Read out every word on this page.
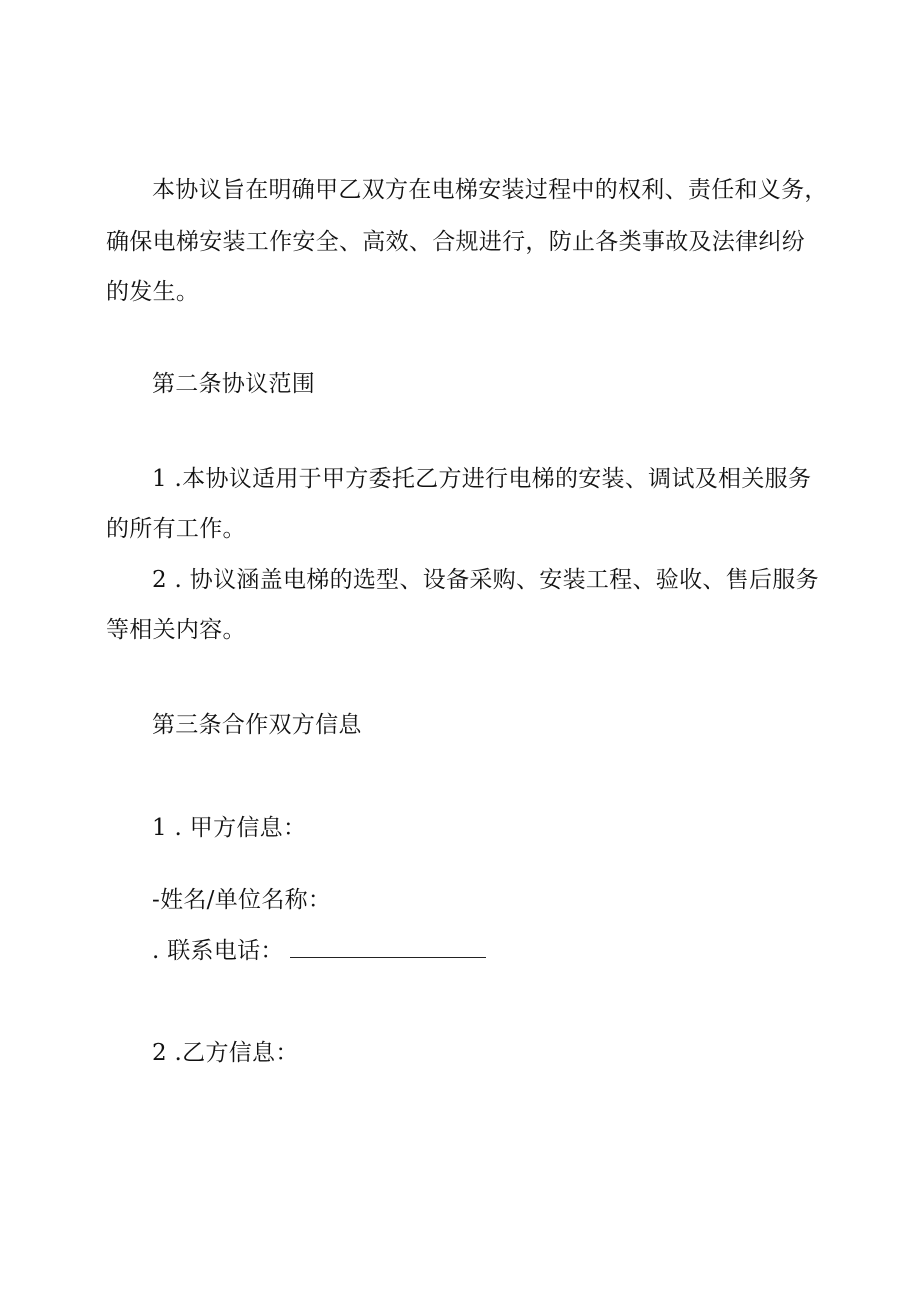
本协议旨在明确甲乙双方在电梯安装过程中的权利、责任和义务，
确保电梯安装工作安全、高效、合规进行，防止各类事故及法律纠纷
的发生。
第二条协议范围
1 .本协议适用于甲方委托乙方进行电梯的安装、调试及相关服务
的所有工作。
2 . 协议涵盖电梯的选型、设备采购、安装工程、验收、售后服务
等相关内容。
第三条合作双方信息
1 . 甲方信息：
-姓名/单位名称：
. 联系电话：
2 .乙方信息：
